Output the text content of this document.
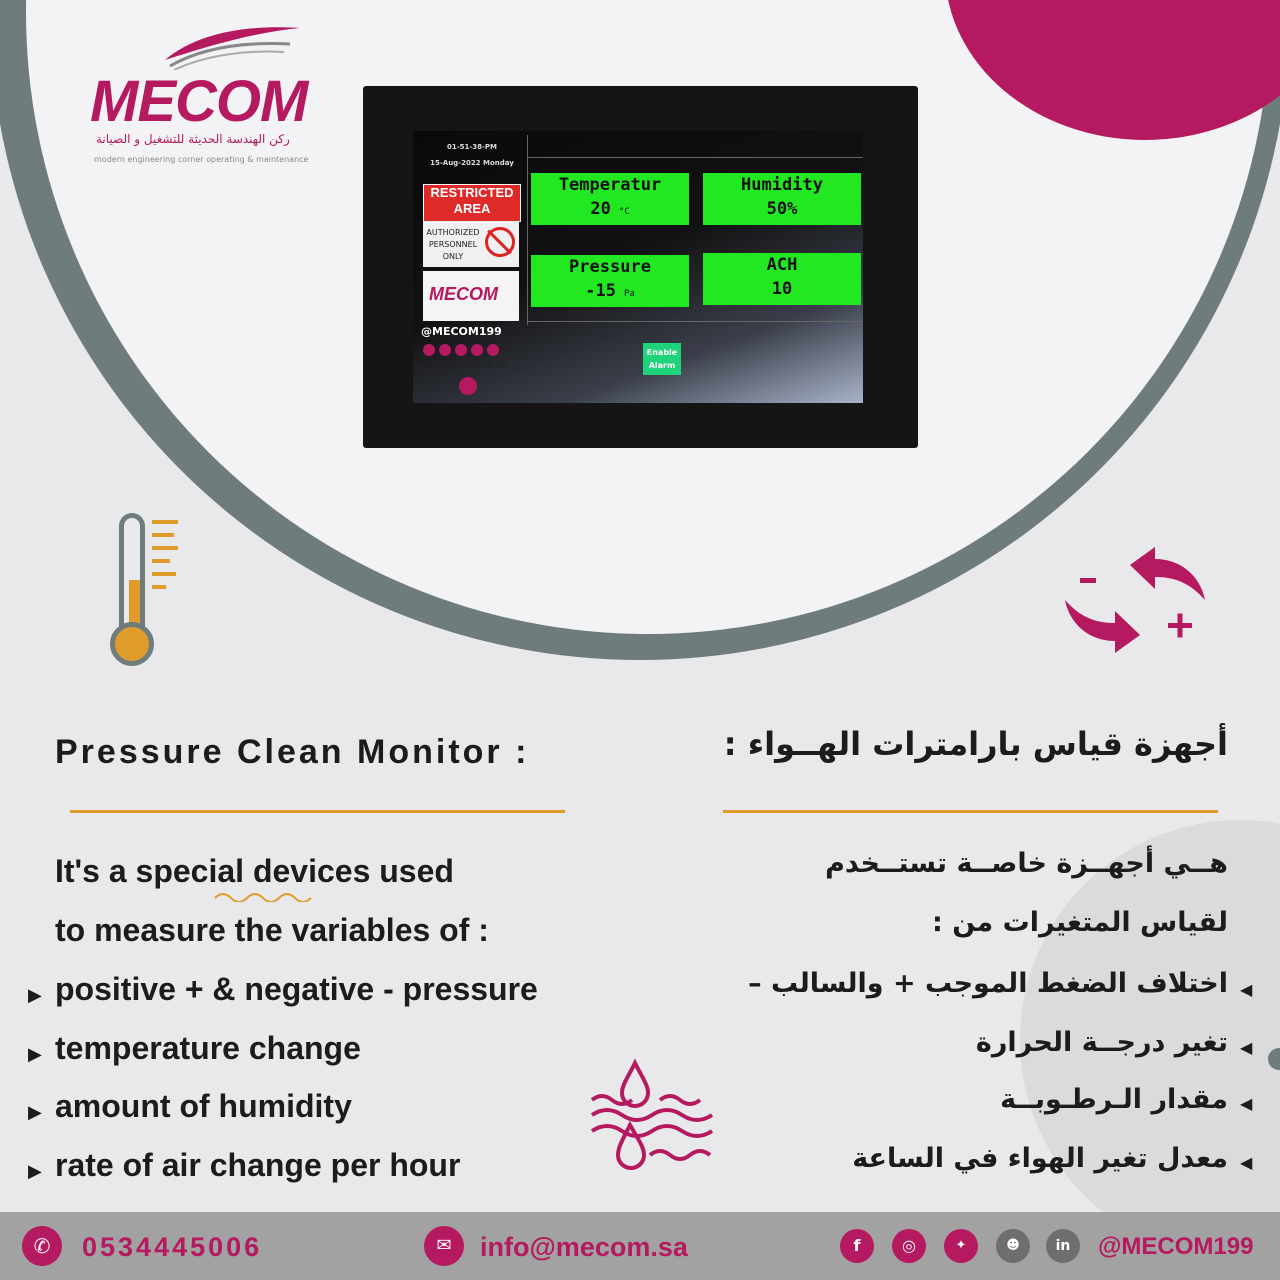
MECOM
ركن الهندسة الحديثة للتشغيل و الصيانة
modern engineering corner operating & maintenance
01-51-38-PM
15-Aug-2022 Monday
RESTRICTED AREA
AUTHORIZED PERSONNEL ONLY
MECOM
@MECOM199
project@mecom.sa
Temperatur
20 °C
Humidity
50%
Pressure
-15 Pa
ACH
10
Enable Alarm
Pressure Clean Monitor :	أجهزة قياس بارامترات الهــواء :
It's a special devices used
to measure the variables of :
▶ positive + & negative - pressure
▶ temperature change
▶ amount of humidity
▶ rate of air change per hour
هــي أجهــزة خاصــة تستــخدم
لقياس المتغيرات من :
◀
اختلاف الضغط الموجب + والسالب –
◀
تغير درجــة الحرارة
◀
مقدار الـرطـوبــة
◀
معدل تغير الهواء في الساعة
✆	0534445006	✉	info@mecom.sa	f	◎	✦	☻	in	@MECOM199
